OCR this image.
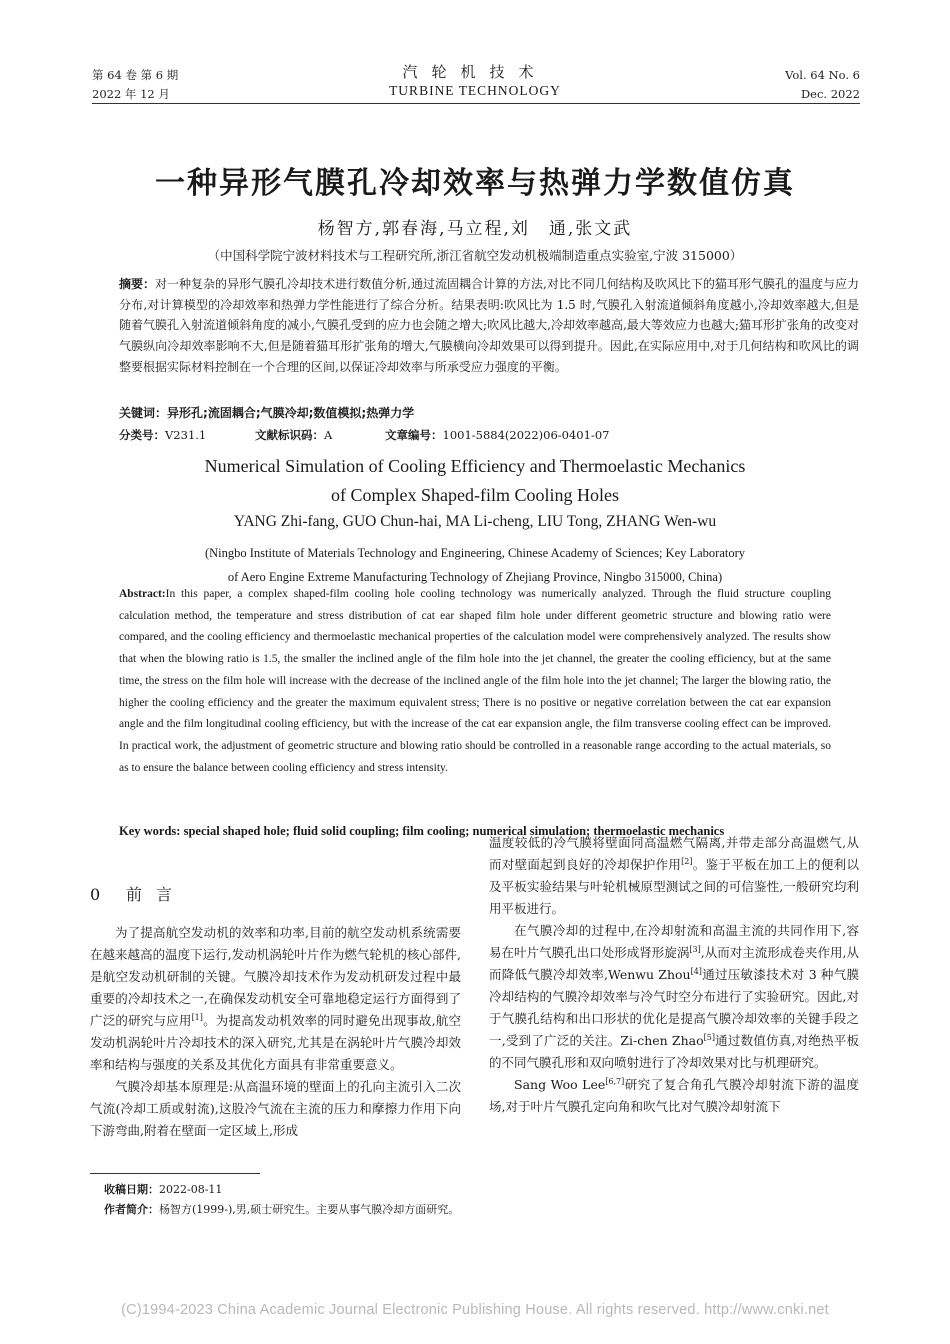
第 64 卷 第 6 期
2022 年 12 月
汽轮机技术
TURBINE TECHNOLOGY
Vol. 64 No. 6
Dec. 2022
一种异形气膜孔冷却效率与热弹力学数值仿真
杨智方,郭春海,马立程,刘　通,张文武
（中国科学院宁波材料技术与工程研究所,浙江省航空发动机极端制造重点实验室,宁波 315000）
摘要：对一种复杂的异形气膜孔冷却技术进行数值分析,通过流固耦合计算的方法,对比不同几何结构及吹风比下的猫耳形气膜孔的温度与应力分布,对计算模型的冷却效率和热弹力学性能进行了综合分析。结果表明:吹风比为 1.5 时,气膜孔入射流道倾斜角度越小,冷却效率越大,但是随着气膜孔入射流道倾斜角度的减小,气膜孔受到的应力也会随之增大;吹风比越大,冷却效率越高,最大等效应力也越大;猫耳形扩张角的改变对气膜纵向冷却效率影响不大,但是随着猫耳形扩张角的增大,气膜横向冷却效果可以得到提升。因此,在实际应用中,对于几何结构和吹风比的调整要根据实际材料控制在一个合理的区间,以保证冷却效率与所承受应力强度的平衡。
关键词：异形孔;流固耦合;气膜冷却;数值模拟;热弹力学
分类号：V231.1	文献标识码：A	文章编号：1001-5884(2022)06-0401-07
Numerical Simulation of Cooling Efficiency and Thermoelastic Mechanics
of Complex Shaped-film Cooling Holes
YANG Zhi-fang, GUO Chun-hai, MA Li-cheng, LIU Tong, ZHANG Wen-wu
(Ningbo Institute of Materials Technology and Engineering, Chinese Academy of Sciences; Key Laboratory
of Aero Engine Extreme Manufacturing Technology of Zhejiang Province, Ningbo 315000, China)
Abstract:In this paper, a complex shaped-film cooling hole cooling technology was numerically analyzed. Through the fluid structure coupling calculation method, the temperature and stress distribution of cat ear shaped film hole under different geometric structure and blowing ratio were compared, and the cooling efficiency and thermoelastic mechanical properties of the calculation model were comprehensively analyzed. The results show that when the blowing ratio is 1.5, the smaller the inclined angle of the film hole into the jet channel, the greater the cooling efficiency, but at the same time, the stress on the film hole will increase with the decrease of the inclined angle of the film hole into the jet channel; The larger the blowing ratio, the higher the cooling efficiency and the greater the maximum equivalent stress; There is no positive or negative correlation between the cat ear expansion angle and the film longitudinal cooling efficiency, but with the increase of the cat ear expansion angle, the film transverse cooling effect can be improved. In practical work, the adjustment of geometric structure and blowing ratio should be controlled in a reasonable range according to the actual materials, so as to ensure the balance between cooling efficiency and stress intensity.
Key words: special shaped hole; fluid solid coupling; film cooling; numerical simulation; thermoelastic mechanics
0 前言

为了提高航空发动机的效率和功率,目前的航空发动机系统需要在越来越高的温度下运行,发动机涡轮叶片作为燃气轮机的核心部件,是航空发动机研制的关键。气膜冷却技术作为发动机研发过程中最重要的冷却技术之一,在确保发动机安全可靠地稳定运行方面得到了广泛的研究与应用[1]。为提高发动机效率的同时避免出现事故,航空发动机涡轮叶片冷却技术的深入研究,尤其是在涡轮叶片气膜冷却效率和结构与强度的关系及其优化方面具有非常重要意义。

气膜冷却基本原理是:从高温环境的壁面上的孔向主流引入二次气流(冷却工质或射流),这股冷气流在主流的压力和摩擦力作用下向下游弯曲,附着在壁面一定区域上,形成

温度较低的冷气膜将壁面同高温燃气隔离,并带走部分高温燃气,从而对壁面起到良好的冷却保护作用[2]。鉴于平板在加工上的便利以及平板实验结果与叶轮机械原型测试之间的可信鉴性,一般研究均利用平板进行。

在气膜冷却的过程中,在冷却射流和高温主流的共同作用下,容易在叶片气膜孔出口处形成肾形旋涡[3],从而对主流形成卷夹作用,从而降低气膜冷却效率,Wenwu Zhou[4]通过压敏漆技术对 3 种气膜冷却结构的气膜冷却效率与冷气时空分布进行了实验研究。因此,对于气膜孔结构和出口形状的优化是提高气膜冷却效率的关键手段之一,受到了广泛的关注。Zi-chen Zhao[5]通过数值仿真,对绝热平板的不同气膜孔形和双向喷射进行了冷却效果对比与机理研究。

Sang Woo Lee[6,7]研究了复合角孔气膜冷却射流下游的温度场,对于叶片气膜孔定向角和吹气比对气膜冷却射流下

收稿日期：2022-08-11
作者简介：杨智方(1999-),男,硕士研究生。主要从事气膜冷却方面研究。
(C)1994-2023 China Academic Journal Electronic Publishing House. All rights reserved. http://www.cnki.net
